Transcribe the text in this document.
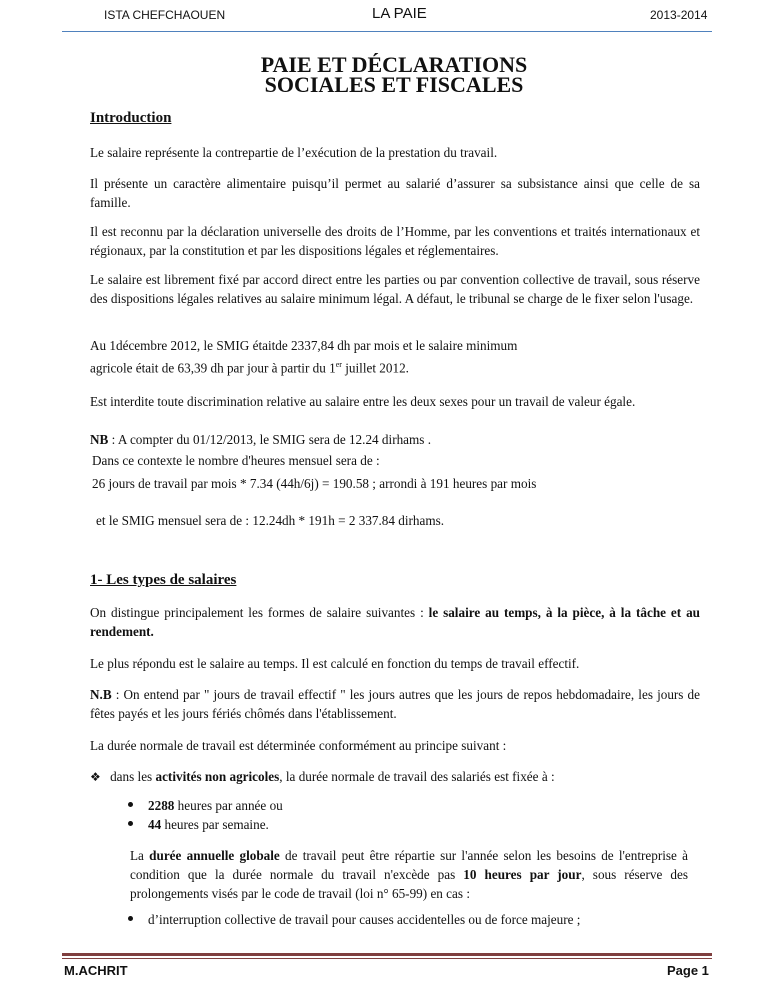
ISTA CHEFCHAOUEN	LA PAIE	2013-2014
PAIE ET DÉCLARATIONS
SOCIALES ET FISCALES
Introduction
Le salaire représente la contrepartie de l’exécution de la prestation du travail.
Il présente un caractère alimentaire puisqu’il permet au salarié d’assurer sa subsistance ainsi que celle de sa famille.
Il est reconnu par la déclaration universelle des droits de l’Homme, par les conventions et traités internationaux et régionaux, par la constitution et par les dispositions légales et réglementaires.
Le salaire est librement fixé par accord direct entre les parties ou par convention collective de travail, sous réserve des dispositions légales relatives au salaire minimum légal. A défaut, le tribunal se charge de le fixer selon l'usage.
Au 1décembre 2012, le SMIG étaitde 2337,84 dh par mois et le salaire minimum
agricole était de 63,39 dh par jour à partir du 1er juillet 2012.
Est interdite toute discrimination relative au salaire entre les deux sexes pour un travail de valeur égale.
NB : A compter du 01/12/2013, le SMIG sera de 12.24 dirhams .
Dans ce contexte le nombre d'heures mensuel sera de :
26 jours de travail par mois * 7.34 (44h/6j) = 190.58 ; arrondi à 191 heures par mois
et le SMIG mensuel sera de : 12.24dh * 191h = 2 337.84 dirhams.
1- Les types de salaires
On distingue principalement les formes de salaire suivantes : le salaire au temps, à la pièce, à la tâche et au rendement.
Le plus répondu est le salaire au temps. Il est calculé en fonction du temps de travail effectif.
N.B : On entend par " jours de travail effectif " les jours autres que les jours de repos hebdomadaire, les jours de fêtes payés et les jours fériés chômés dans l'établissement.
La durée normale de travail est déterminée conformément au principe suivant :
❖ dans les activités non agricoles, la durée normale de travail des salariés est fixée à :
2288 heures par année ou
44 heures par semaine.
La durée annuelle globale de travail peut être répartie sur l'année selon les besoins de l'entreprise à condition que la durée normale du travail n'excède pas 10 heures par jour, sous réserve des prolongements visés par le code de travail (loi n° 65-99) en cas :
d’interruption collective de travail pour causes accidentelles ou de force majeure ;
M.ACHRIT	Page 1
